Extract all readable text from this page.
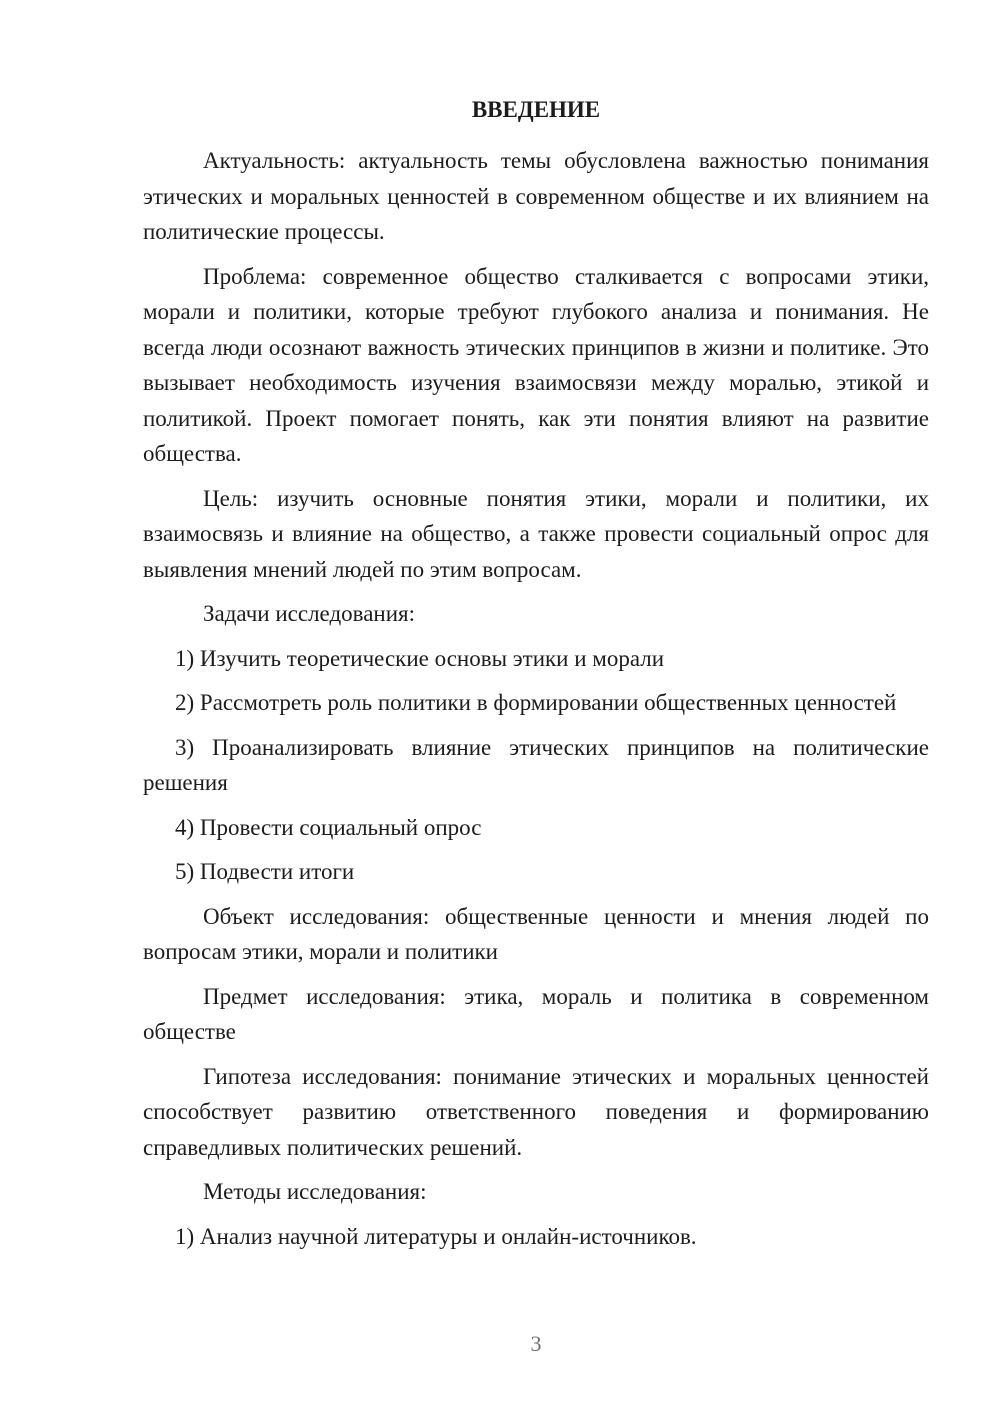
ВВЕДЕНИЕ

Актуальность: актуальность темы обусловлена важностью понимания этических и моральных ценностей в современном обществе и их влиянием на политические процессы.

Проблема: современное общество сталкивается с вопросами этики, морали и политики, которые требуют глубокого анализа и понимания. Не всегда люди осознают важность этических принципов в жизни и политике. Это вызывает необходимость изучения взаимосвязи между моралью, этикой и политикой. Проект помогает понять, как эти понятия влияют на развитие общества.

Цель: изучить основные понятия этики, морали и политики, их взаимосвязь и влияние на общество, а также провести социальный опрос для выявления мнений людей по этим вопросам.

Задачи исследования:

1) Изучить теоретические основы этики и морали

2) Рассмотреть роль политики в формировании общественных ценностей

3) Проанализировать влияние этических принципов на политические решения

4) Провести социальный опрос

5) Подвести итоги

Объект исследования: общественные ценности и мнения людей по вопросам этики, морали и политики

Предмет исследования: этика, мораль и политика в современном обществе

Гипотеза исследования: понимание этических и моральных ценностей способствует развитию ответственного поведения и формированию справедливых политических решений.

Методы исследования:

1) Анализ научной литературы и онлайн-источников.

3
